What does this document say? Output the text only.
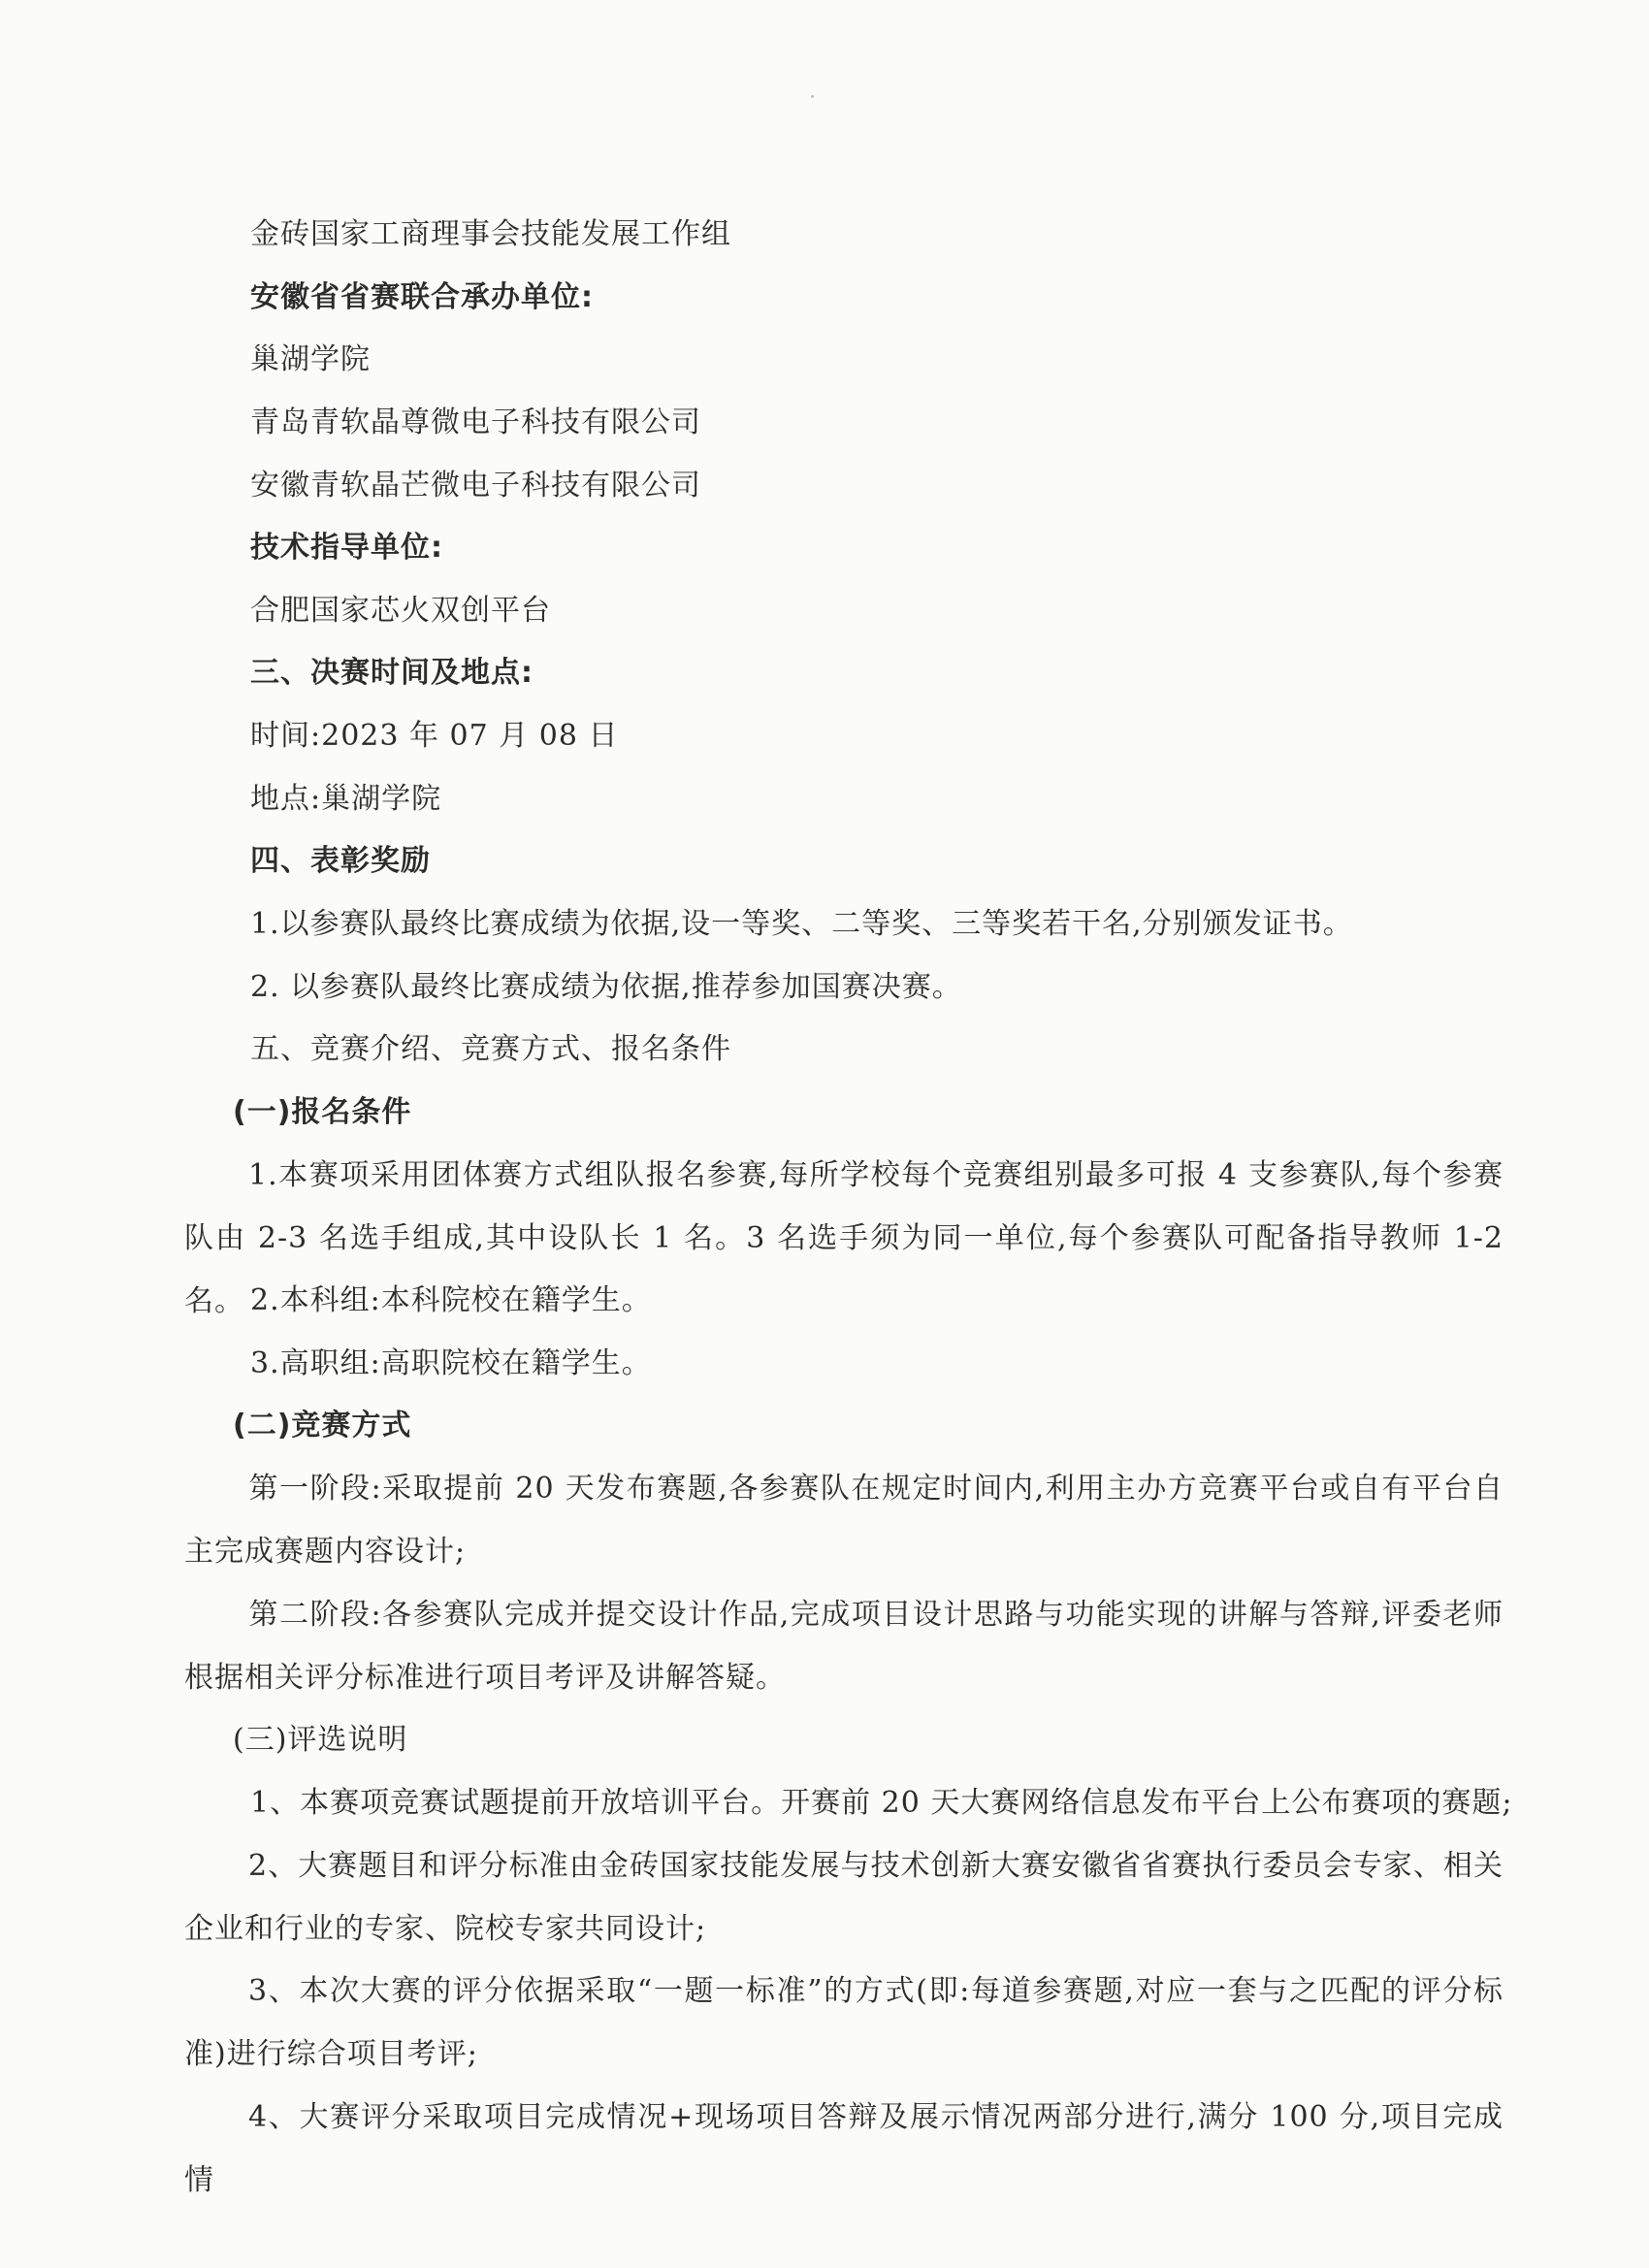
金砖国家工商理事会技能发展工作组
安徽省省赛联合承办单位:
巢湖学院
青岛青软晶尊微电子科技有限公司
安徽青软晶芒微电子科技有限公司
技术指导单位:
合肥国家芯火双创平台
三、决赛时间及地点:
时间:2023 年 07 月 08 日
地点:巢湖学院
四、表彰奖励
1.以参赛队最终比赛成绩为依据,设一等奖、二等奖、三等奖若干名,分别颁发证书。
2. 以参赛队最终比赛成绩为依据,推荐参加国赛决赛。
五、竞赛介绍、竞赛方式、报名条件
(一)报名条件
1.本赛项采用团体赛方式组队报名参赛,每所学校每个竞赛组别最多可报 4 支参赛队,每个参赛队由 2-3 名选手组成,其中设队长 1 名。3 名选手须为同一单位,每个参赛队可配备指导教师 1-2 名。 2.本科组:本科院校在籍学生。
3.高职组:高职院校在籍学生。
(二)竞赛方式
第一阶段:采取提前 20 天发布赛题,各参赛队在规定时间内,利用主办方竞赛平台或自有平台自主完成赛题内容设计;
第二阶段:各参赛队完成并提交设计作品,完成项目设计思路与功能实现的讲解与答辩,评委老师根据相关评分标准进行项目考评及讲解答疑。
(三)评选说明
1、本赛项竞赛试题提前开放培训平台。开赛前 20 天大赛网络信息发布平台上公布赛项的赛题;
2、大赛题目和评分标准由金砖国家技能发展与技术创新大赛安徽省省赛执行委员会专家、相关企业和行业的专家、院校专家共同设计;
3、本次大赛的评分依据采取“一题一标准”的方式(即:每道参赛题,对应一套与之匹配的评分标准)进行综合项目考评;
4、大赛评分采取项目完成情况+现场项目答辩及展示情况两部分进行,满分 100 分,项目完成情
